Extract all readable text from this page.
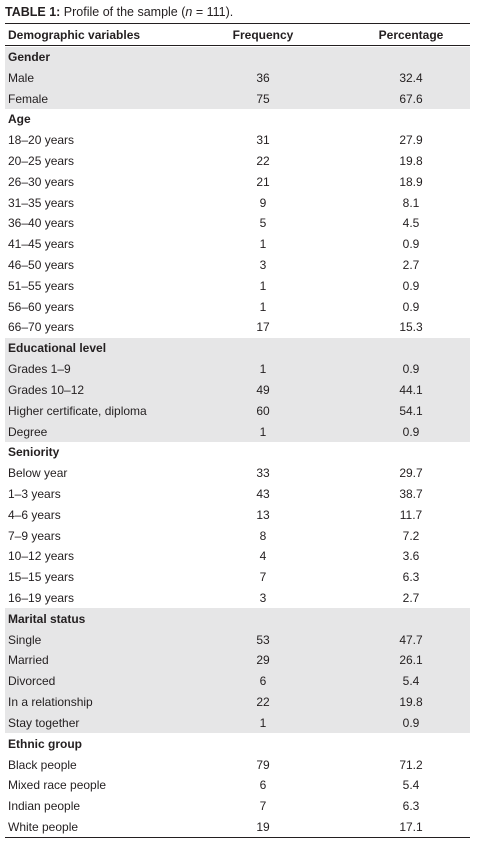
TABLE 1: Profile of the sample (n = 111).
Demographic variables	Frequency	Percentage
Gender
Male	36	32.4
Female	75	67.6
Age
18–20 years	31	27.9
20–25 years	22	19.8
26–30 years	21	18.9
31–35 years	9	8.1
36–40 years	5	4.5
41–45 years	1	0.9
46–50 years	3	2.7
51–55 years	1	0.9
56–60 years	1	0.9
66–70 years	17	15.3
Educational level
Grades 1–9	1	0.9
Grades 10–12	49	44.1
Higher certificate, diploma	60	54.1
Degree	1	0.9
Seniority
Below year	33	29.7
1–3 years	43	38.7
4–6 years	13	11.7
7–9 years	8	7.2
10–12 years	4	3.6
15–15 years	7	6.3
16–19 years	3	2.7
Marital status
Single	53	47.7
Married	29	26.1
Divorced	6	5.4
In a relationship	22	19.8
Stay together	1	0.9
Ethnic group
Black people	79	71.2
Mixed race people	6	5.4
Indian people	7	6.3
White people	19	17.1
